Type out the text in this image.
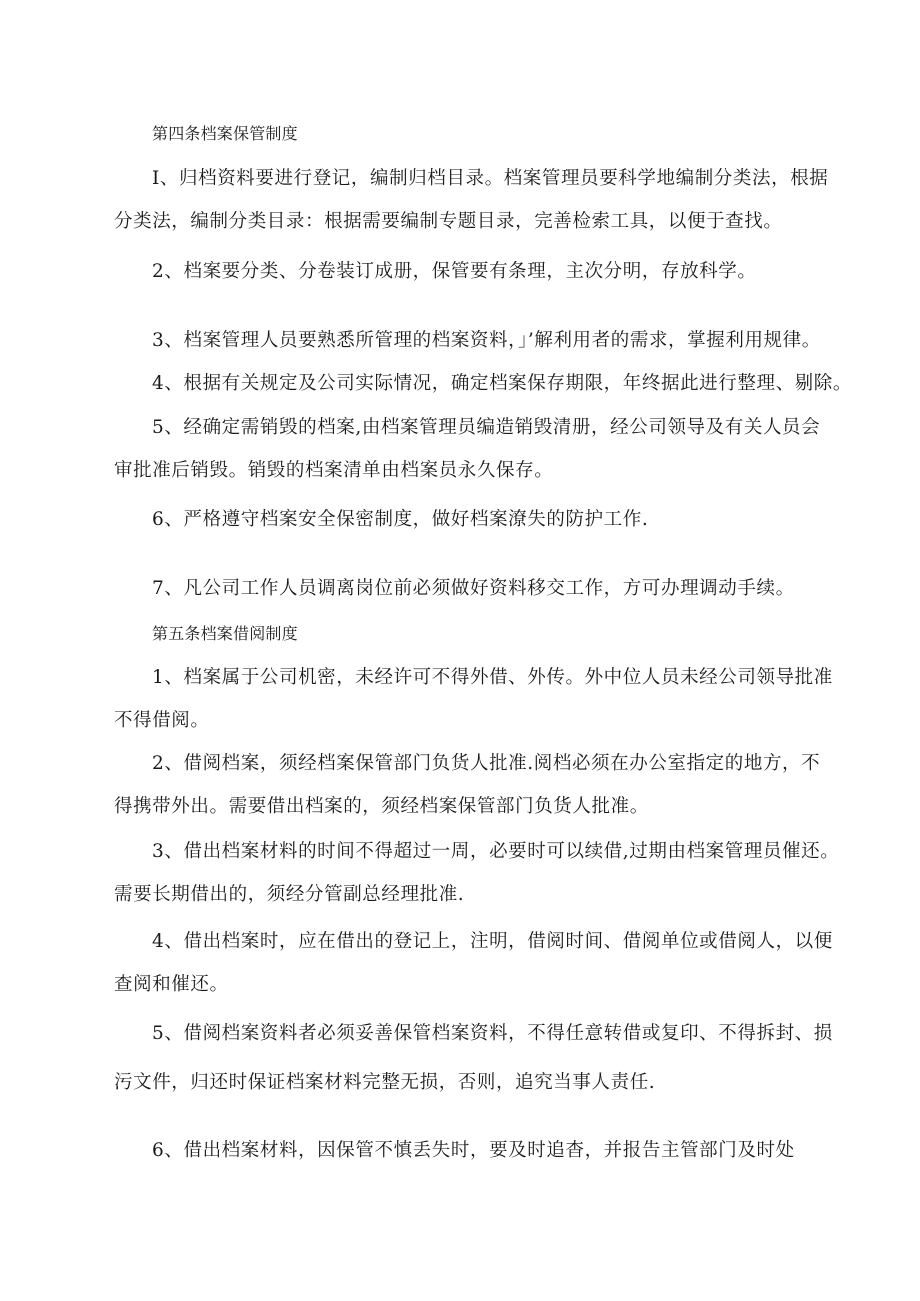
第四条档案保管制度
I、归档资料要进行登记，编制归档目录。档案管理员要科学地编制分类法，根据
分类法，编制分类目录：根据需要编制专题目录，完善检索工具，以便于查找。
2、档案要分类、分卷装订成册，保管要有条理，主次分明，存放科学。
3、档案管理人员要熟悉所管理的档案资料，」’解利用者的需求，掌握利用规律。
4、根据有关规定及公司实际情况，确定档案保存期限，年终据此进行整理、剔除。
5、经确定需销毁的档案,由档案管理员编造销毁清册，经公司领导及有关人员会
审批准后销毁。销毁的档案清单由档案员永久保存。
6、严格遵守档案安全保密制度，做好档案潦失的防护工作.
7、凡公司工作人员调离岗位前必须做好资料移交工作，方可办理调动手续。
第五条档案借阅制度
1、档案属于公司机密，未经许可不得外借、外传。外中位人员未经公司领导批准
不得借阅。
2、借阅档案，须经档案保管部门负货人批准.阅档必须在办公室指定的地方，不
得携带外出。需要借出档案的，须经档案保管部门负货人批准。
3、借出档案材料的时间不得超过一周，必要时可以续借,过期由档案管理员催还。
需要长期借出的，须经分管副总经理批准.
4、借出档案时，应在借出的登记上，注明，借阅时间、借阅单位或借阅人，以便
查阅和催还。
5、借阅档案资料者必须妥善保管档案资料，不得任意转借或复印、不得拆封、损
污文件，归还时保证档案材料完整无损，否则，追究当事人责任.
6、借出档案材料，因保管不慎丢失时，要及时追杳，并报告主管部门及时处
